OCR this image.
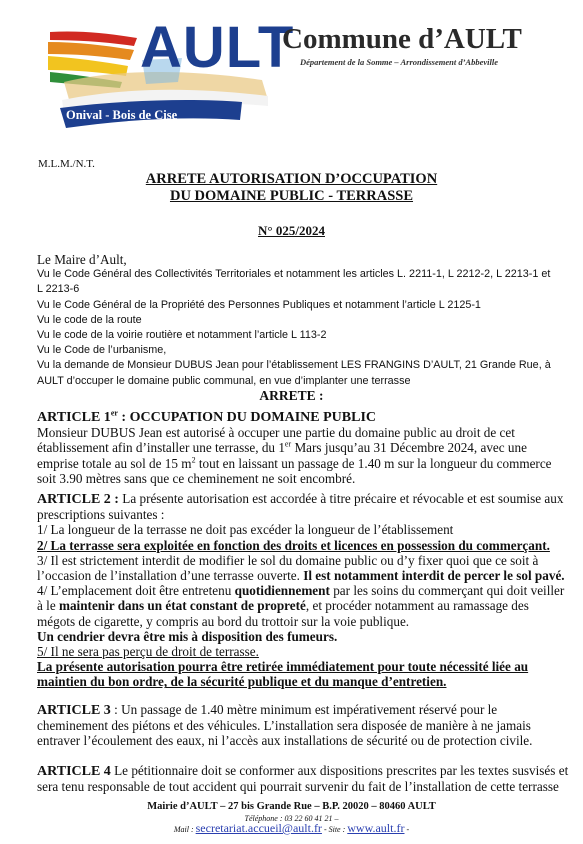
AULT
Onival - Bois de Cise
Commune d’AULT
Département de la Somme – Arrondissement d’Abbeville
M.L.M./N.T.
ARRETE AUTORISATION D’OCCUPATION
DU DOMAINE PUBLIC - TERRASSE
N° 025/2024
Le Maire d’Ault,
Vu le Code Général des Collectivités Territoriales et notamment les articles L. 2211-1, L 2212-2, L 2213-1 et
L 2213-6
Vu le Code Général de la Propriété des Personnes Publiques et notamment l’article L 2125-1
Vu le code de la route
Vu le code de la voirie routière et notamment l’article L 113-2
Vu le Code de l’urbanisme,
Vu la demande de Monsieur DUBUS Jean pour l’établissement LES FRANGINS D’AULT, 21 Grande Rue, à
AULT d’occuper le domaine public communal, en vue d’implanter une terrasse
ARRETE :
ARTICLE 1er : OCCUPATION DU DOMAINE PUBLIC
Monsieur DUBUS Jean est autorisé à occuper une partie du domaine public au droit de cet
établissement afin d’installer une terrasse, du 1er Mars jusqu’au 31 Décembre 2024, avec une
emprise totale au sol de 15 $m^2$ tout en laissant un passage de 1.40 m sur la longueur du commerce
soit 3.90 mètres sans que ce cheminement ne soit encombré.
ARTICLE 2 : La présente autorisation est accordée à titre précaire et révocable et est soumise aux
prescriptions suivantes :
1/ La longueur de la terrasse ne doit pas excéder la longueur de l’établissement
2/ La terrasse sera exploitée en fonction des droits et licences en possession du commerçant.
3/ Il est strictement interdit de modifier le sol du domaine public ou d’y fixer quoi que ce soit à
l’occasion de l’installation d’une terrasse ouverte. Il est notamment interdit de percer le sol pavé.
4/ L’emplacement doit être entretenu quotidiennement par les soins du commerçant qui doit veiller
à le maintenir dans un état constant de propreté, et procéder notamment au ramassage des
mégots de cigarette, y compris au bord du trottoir sur la voie publique.
Un cendrier devra être mis à disposition des fumeurs.
5/ Il ne sera pas perçu de droit de terrasse.
La présente autorisation pourra être retirée immédiatement pour toute nécessité liée au
maintien du bon ordre, de la sécurité publique et du manque d’entretien.
ARTICLE 3 : Un passage de 1.40 mètre minimum est impérativement réservé pour le
cheminement des piétons et des véhicules. L’installation sera disposée de manière à ne jamais
entraver l’écoulement des eaux, ni l’accès aux installations de sécurité ou de protection civile.
ARTICLE 4 Le pétitionnaire doit se conformer aux dispositions prescrites par les textes susvisés et
sera tenu responsable de tout accident qui pourrait survenir du fait de l’installation de cette terrasse
Mairie d’AULT – 27 bis Grande Rue – B.P. 20020 – 80460 AULT
Téléphone : 03 22 60 41 21 –
Mail : secretariat.accueil@ault.fr - Site : www.ault.fr -
